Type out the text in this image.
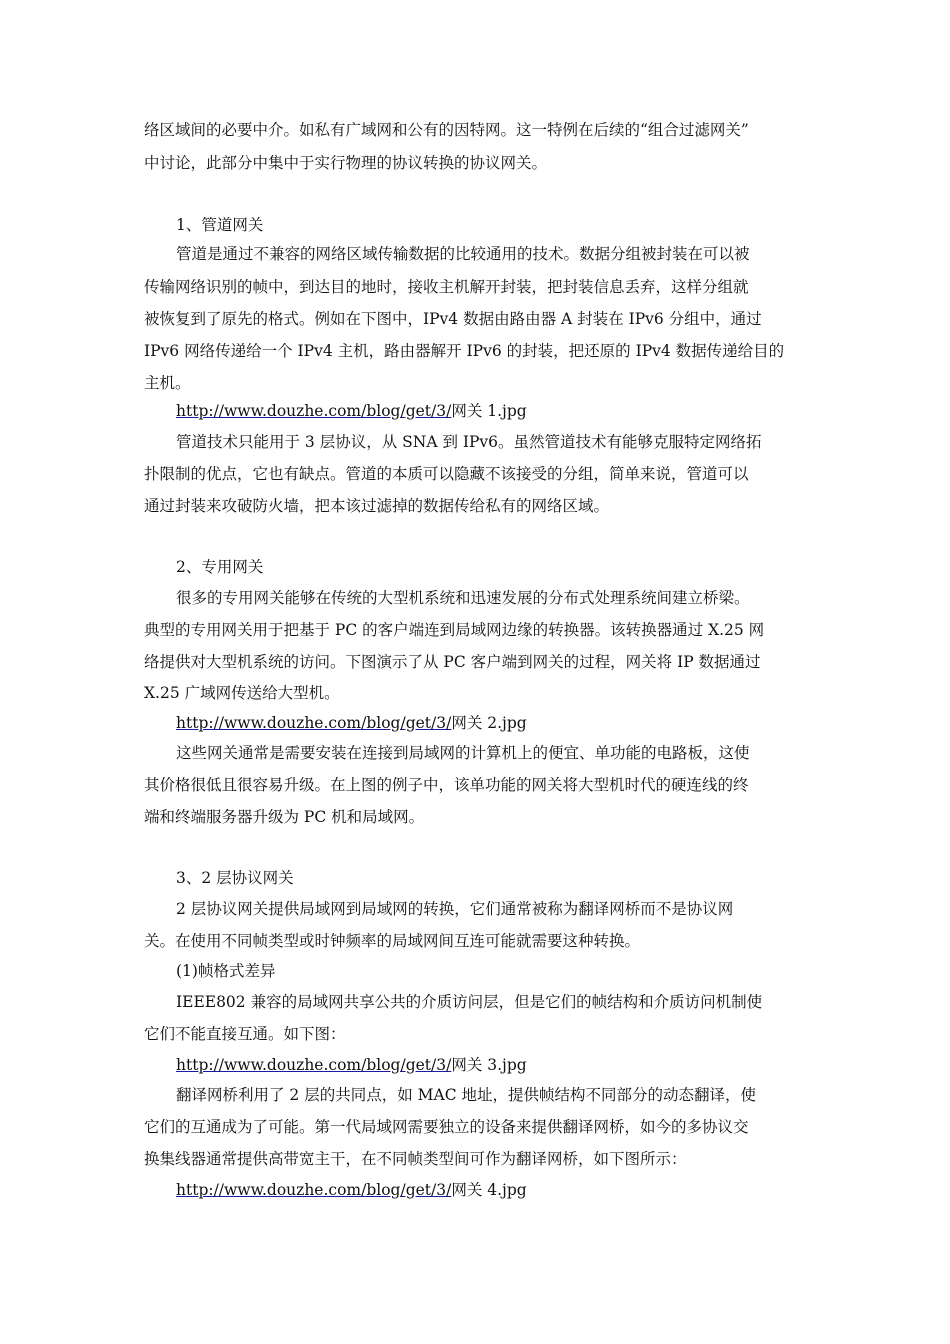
络区域间的必要中介。如私有广域网和公有的因特网。这一特例在后续的“组合过滤网关”
中讨论，此部分中集中于实行物理的协议转换的协议网关。
1、管道网关
管道是通过不兼容的网络区域传输数据的比较通用的技术。数据分组被封装在可以被
传输网络识别的帧中，到达目的地时，接收主机解开封装，把封装信息丢弃，这样分组就
被恢复到了原先的格式。例如在下图中，IPv4 数据由路由器 A 封装在 IPv6 分组中，通过
IPv6 网络传递给一个 IPv4 主机，路由器解开 IPv6 的封装，把还原的 IPv4 数据传递给目的
主机。
http://www.douzhe.com/blog/get/3/网关 1.jpg
管道技术只能用于 3 层协议，从 SNA 到 IPv6。虽然管道技术有能够克服特定网络拓
扑限制的优点，它也有缺点。管道的本质可以隐藏不该接受的分组，简单来说，管道可以
通过封装来攻破防火墙，把本该过滤掉的数据传给私有的网络区域。
2、专用网关
很多的专用网关能够在传统的大型机系统和迅速发展的分布式处理系统间建立桥梁。
典型的专用网关用于把基于 PC 的客户端连到局域网边缘的转换器。该转换器通过 X.25 网
络提供对大型机系统的访问。下图演示了从 PC 客户端到网关的过程，网关将 IP 数据通过
X.25 广域网传送给大型机。
http://www.douzhe.com/blog/get/3/网关 2.jpg
这些网关通常是需要安装在连接到局域网的计算机上的便宜、单功能的电路板，这使
其价格很低且很容易升级。在上图的例子中，该单功能的网关将大型机时代的硬连线的终
端和终端服务器升级为 PC 机和局域网。
3、2 层协议网关
2 层协议网关提供局域网到局域网的转换，它们通常被称为翻译网桥而不是协议网
关。在使用不同帧类型或时钟频率的局域网间互连可能就需要这种转换。
(1)帧格式差异
IEEE802 兼容的局域网共享公共的介质访问层，但是它们的帧结构和介质访问机制使
它们不能直接互通。如下图：
http://www.douzhe.com/blog/get/3/网关 3.jpg
翻译网桥利用了 2 层的共同点，如 MAC 地址，提供帧结构不同部分的动态翻译，使
它们的互通成为了可能。第一代局域网需要独立的设备来提供翻译网桥，如今的多协议交
换集线器通常提供高带宽主干，在不同帧类型间可作为翻译网桥，如下图所示：
http://www.douzhe.com/blog/get/3/网关 4.jpg
